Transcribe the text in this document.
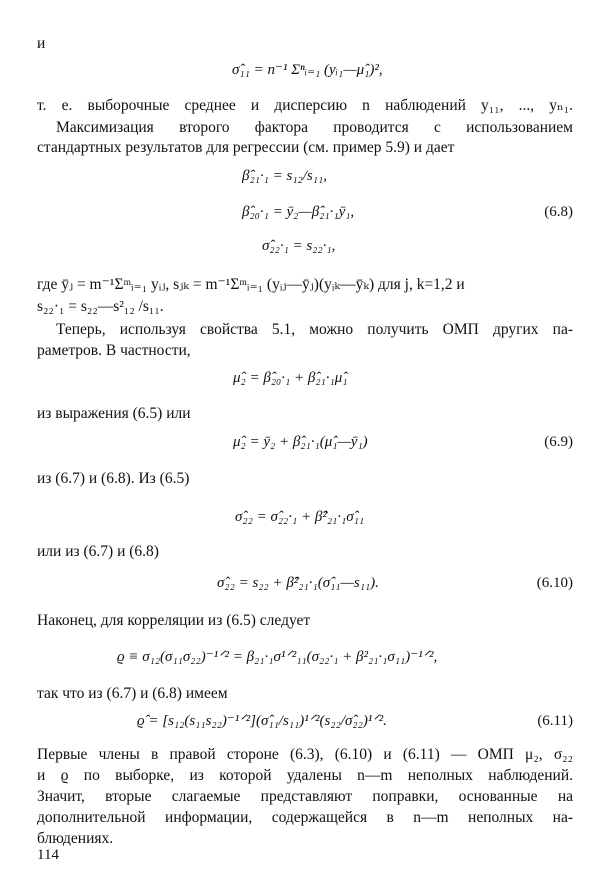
и
σ̂₁₁ = n⁻¹ Σⁿᵢ₌₁ (yᵢ₁—μ̂₁)²,
т. е. выборочные среднее и дисперсию n наблюдений y₁₁, ..., yₙ₁.
Максимизация второго фактора проводится с использованием
стандартных результатов для регрессии (см. пример 5.9) и дает
β̂₂₁·₁ = s₁₂/s₁₁,
β̂₂₀·₁ = ȳ₂—β̂₂₁·₁ȳ₁,	(6.8)
σ̂₂₂·₁ = s₂₂·₁,
где ȳⱼ = m⁻¹Σᵐᵢ₌₁ yᵢⱼ, sⱼₖ = m⁻¹Σᵐᵢ₌₁ (yᵢⱼ—ȳⱼ)(yᵢₖ—ȳₖ) для j, k=1,2 и
s₂₂·₁ = s₂₂—s²₁₂ /s₁₁.
Теперь, используя свойства 5.1, можно получить ОМП других па-
раметров. В частности,
μ̂₂ = β̂₂₀·₁ + β̂₂₁·₁μ̂₁
из выражения (6.5) или
μ̂₂ = ȳ₂ + β̂₂₁·₁(μ̂₁—ȳ₁)	(6.9)
из (6.7) и (6.8). Из (6.5)
σ̂₂₂ = σ̂₂₂·₁ + β̂²₂₁·₁σ̂₁₁
или из (6.7) и (6.8)
σ̂₂₂ = s₂₂ + β̂²₂₁·₁(σ̂₁₁—s₁₁).	(6.10)
Наконец, для корреляции из (6.5) следует
ϱ ≡ σ₁₂(σ₁₁σ₂₂)⁻¹ᐟ² = β₂₁·₁σ¹ᐟ²₁₁(σ₂₂·₁ + β²₂₁·₁σ₁₁)⁻¹ᐟ²,
так что из (6.7) и (6.8) имеем
ϱ̂ = [s₁₂(s₁₁s₂₂)⁻¹ᐟ²](σ̂₁₁/s₁₁)¹ᐟ²(s₂₂/σ̂₂₂)¹ᐟ².	(6.11)
Первые члены в правой стороне (6.3), (6.10) и (6.11) — ОМП μ₂, σ₂₂
и ϱ по выборке, из которой удалены n—m неполных наблюдений.
Значит, вторые слагаемые представляют поправки, основанные на
дополнительной информации, содержащейся в n—m неполных на-
блюдениях.
114
